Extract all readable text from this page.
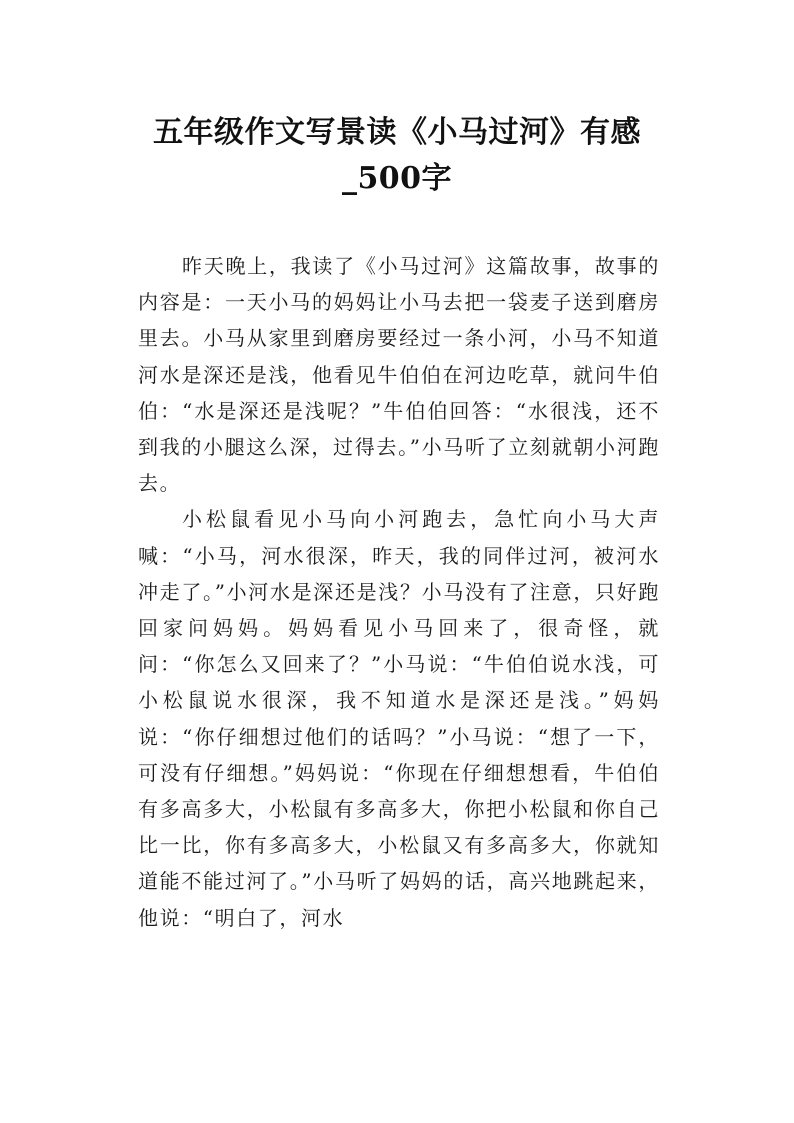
五年级作文写景读《小马过河》有感_500字

昨天晚上，我读了《小马过河》这篇故事，故事的内容是：一天小马的妈妈让小马去把一袋麦子送到磨房里去。小马从家里到磨房要经过一条小河，小马不知道河水是深还是浅，他看见牛伯伯在河边吃草，就问牛伯伯：“水是深还是浅呢？”牛伯伯回答：“水很浅，还不到我的小腿这么深，过得去。”小马听了立刻就朝小河跑去。

小松鼠看见小马向小河跑去，急忙向小马大声喊：“小马，河水很深，昨天，我的同伴过河，被河水冲走了。”小河水是深还是浅？小马没有了注意，只好跑回家问妈妈。妈妈看见小马回来了，很奇怪，就问：“你怎么又回来了？”小马说：“牛伯伯说水浅，可小松鼠说水很深，我不知道水是深还是浅。”妈妈说：“你仔细想过他们的话吗？”小马说：“想了一下，可没有仔细想。”妈妈说：“你现在仔细想想看，牛伯伯有多高多大，小松鼠有多高多大，你把小松鼠和你自己比一比，你有多高多大，小松鼠又有多高多大，你就知道能不能过河了。”小马听了妈妈的话，高兴地跳起来，他说：“明白了，河水
